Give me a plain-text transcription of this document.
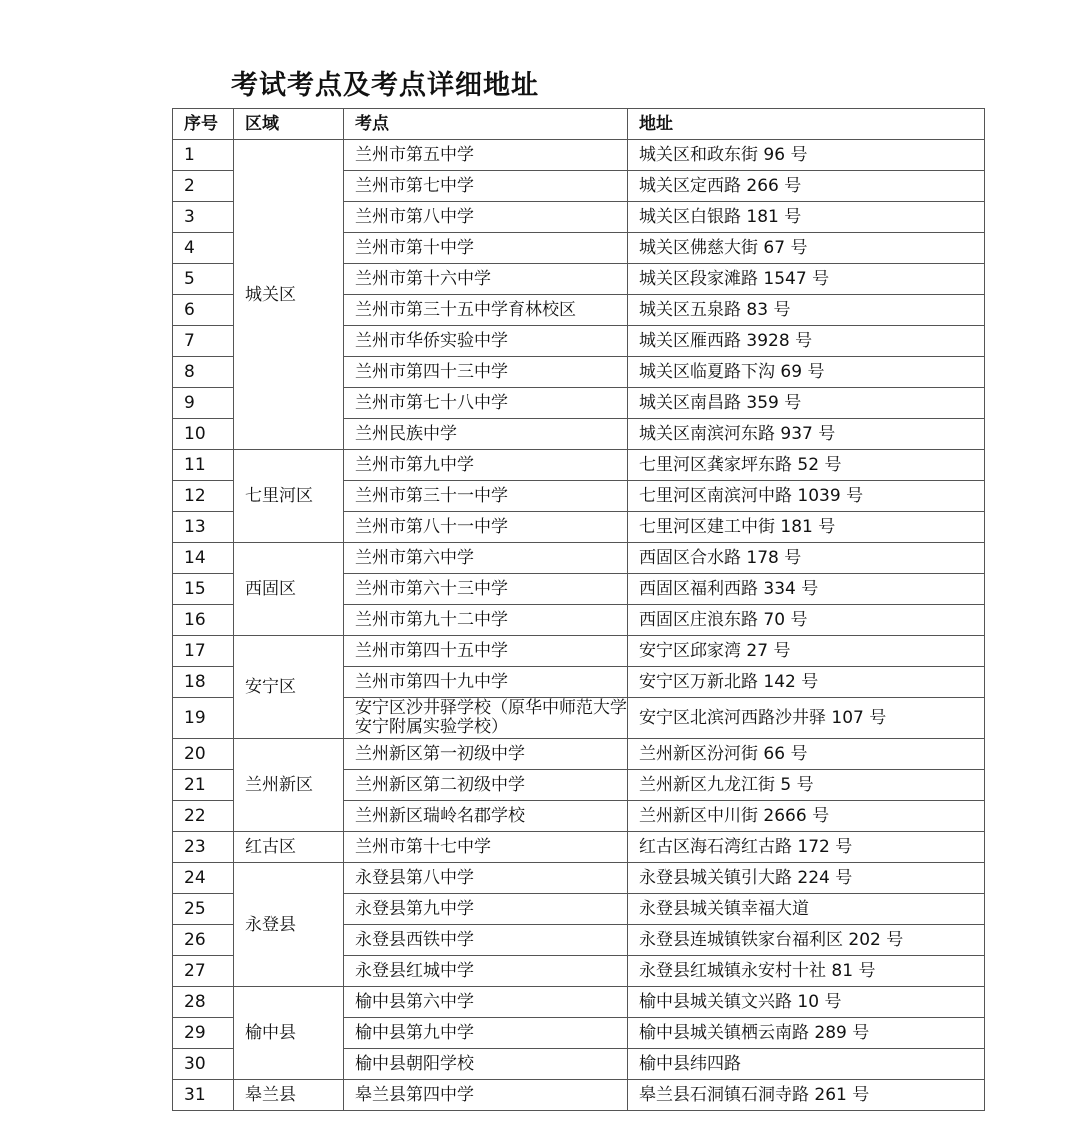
考试考点及考点详细地址
序号	区域	考点	地址
1	城关区	兰州市第五中学	城关区和政东街 96 号
2		兰州市第七中学	城关区定西路 266 号
3		兰州市第八中学	城关区白银路 181 号
4		兰州市第十中学	城关区佛慈大街 67 号
5		兰州市第十六中学	城关区段家滩路 1547 号
6		兰州市第三十五中学育林校区	城关区五泉路 83 号
7		兰州市华侨实验中学	城关区雁西路 3928 号
8		兰州市第四十三中学	城关区临夏路下沟 69 号
9		兰州市第七十八中学	城关区南昌路 359 号
10		兰州民族中学	城关区南滨河东路 937 号
11	七里河区	兰州市第九中学	七里河区龚家坪东路 52 号
12		兰州市第三十一中学	七里河区南滨河中路 1039 号
13		兰州市第八十一中学	七里河区建工中街 181 号
14	西固区	兰州市第六中学	西固区合水路 178 号
15		兰州市第六十三中学	西固区福利西路 334 号
16		兰州市第九十二中学	西固区庄浪东路 70 号
17	安宁区	兰州市第四十五中学	安宁区邱家湾 27 号
18		兰州市第四十九中学	安宁区万新北路 142 号
19		安宁区沙井驿学校（原华中师范大学安宁附属实验学校）	安宁区北滨河西路沙井驿 107 号
20	兰州新区	兰州新区第一初级中学	兰州新区汾河街 66 号
21		兰州新区第二初级中学	兰州新区九龙江街 5 号
22		兰州新区瑞岭名郡学校	兰州新区中川街 2666 号
23	红古区	兰州市第十七中学	红古区海石湾红古路 172 号
24	永登县	永登县第八中学	永登县城关镇引大路 224 号
25		永登县第九中学	永登县城关镇幸福大道
26		永登县西铁中学	永登县连城镇铁家台福利区 202 号
27		永登县红城中学	永登县红城镇永安村十社 81 号
28	榆中县	榆中县第六中学	榆中县城关镇文兴路 10 号
29		榆中县第九中学	榆中县城关镇栖云南路 289 号
30		榆中县朝阳学校	榆中县纬四路
31	皋兰县	皋兰县第四中学	皋兰县石洞镇石洞寺路 261 号
